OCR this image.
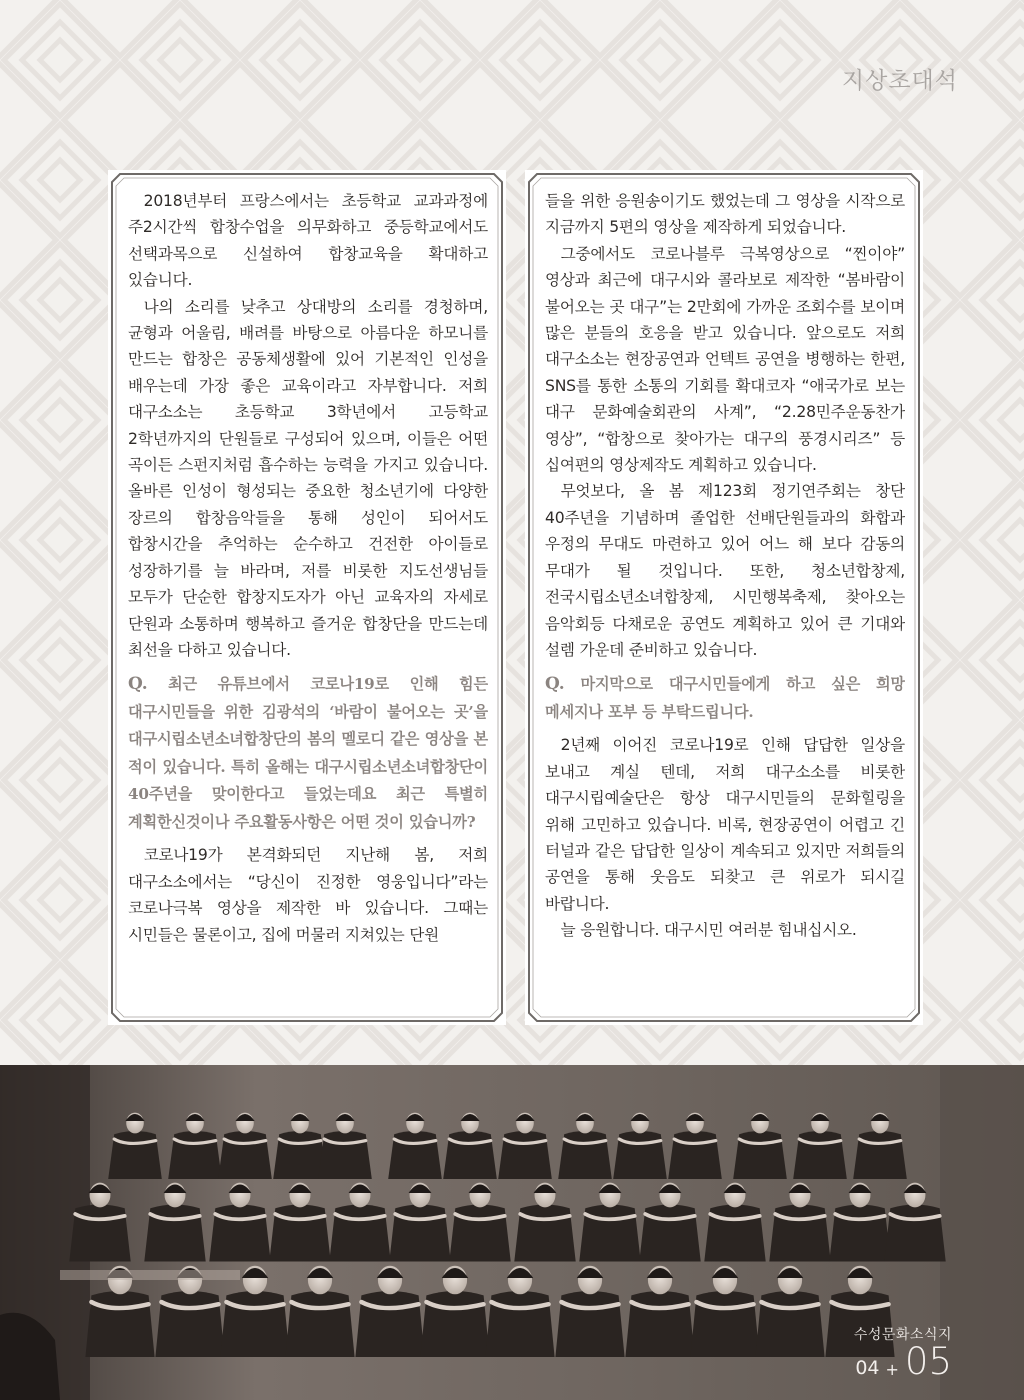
지상초대석

2018년부터 프랑스에서는 초등학교 교과과정에 주2시간씩 합창수업을 의무화하고 중등학교에서도 선택과목으로 신설하여 합창교육을 확대하고 있습니다.

나의 소리를 낮추고 상대방의 소리를 경청하며, 균형과 어울림, 배려를 바탕으로 아름다운 하모니를 만드는 합창은 공동체생활에 있어 기본적인 인성을 배우는데 가장 좋은 교육이라고 자부합니다. 저희 대구소소는 초등학교 3학년에서 고등학교 2학년까지의 단원들로 구성되어 있으며, 이들은 어떤 곡이든 스펀지처럼 흡수하는 능력을 가지고 있습니다. 올바른 인성이 형성되는 중요한 청소년기에 다양한 장르의 합창음악들을 통해 성인이 되어서도 합창시간을 추억하는 순수하고 건전한 아이들로 성장하기를 늘 바라며, 저를 비롯한 지도선생님들 모두가 단순한 합창지도자가 아닌 교육자의 자세로 단원과 소통하며 행복하고 즐거운 합창단을 만드는데 최선을 다하고 있습니다.

Q. 최근 유튜브에서 코로나19로 인해 힘든 대구시민들을 위한 김광석의 ‘바람이 불어오는 곳’을 대구시립소년소녀합창단의 봄의 멜로디 같은 영상을 본 적이 있습니다. 특히 올해는 대구시립소년소녀합창단이 40주년을 맞이한다고 들었는데요 최근 특별히 계획한신것이나 주요활동사항은 어떤 것이 있습니까?

코로나19가 본격화되던 지난해 봄, 저희 대구소소에서는 “당신이 진정한 영웅입니다”라는 코로나극복 영상을 제작한 바 있습니다. 그때는 시민들은 물론이고, 집에 머물러 지쳐있는 단원

들을 위한 응원송이기도 했었는데 그 영상을 시작으로 지금까지 5편의 영상을 제작하게 되었습니다.

그중에서도 코로나블루 극복영상으로 “찐이야” 영상과 최근에 대구시와 콜라보로 제작한 “봄바람이 불어오는 곳 대구”는 2만회에 가까운 조회수를 보이며 많은 분들의 호응을 받고 있습니다. 앞으로도 저희 대구소소는 현장공연과 언텍트 공연을 병행하는 한편, SNS를 통한 소통의 기회를 확대코자 “애국가로 보는 대구 문화예술회관의 사계”, “2.28민주운동찬가 영상”, “합창으로 찾아가는 대구의 풍경시리즈” 등 십여편의 영상제작도 계획하고 있습니다.

무엇보다, 올 봄 제123회 정기연주회는 창단 40주년을 기념하며 졸업한 선배단원들과의 화합과 우정의 무대도 마련하고 있어 어느 해 보다 감동의 무대가 될 것입니다. 또한, 청소년합창제, 전국시립소년소녀합창제, 시민행복축제, 찾아오는 음악회등 다채로운 공연도 계획하고 있어 큰 기대와 설렘 가운데 준비하고 있습니다.

Q. 마지막으로 대구시민들에게 하고 싶은 희망 메세지나 포부 등 부탁드립니다.

2년째 이어진 코로나19로 인해 답답한 일상을 보내고 계실 텐데, 저희 대구소소를 비롯한 대구시립예술단은 항상 대구시민들의 문화힐링을 위해 고민하고 있습니다. 비록, 현장공연이 어렵고 긴 터널과 같은 답답한 일상이 계속되고 있지만 저희들의 공연을 통해 웃음도 되찾고 큰 위로가 되시길 바랍니다.

늘 응원합니다. 대구시민 여러분 힘내십시오.

수성문화소식지
04 + 05
